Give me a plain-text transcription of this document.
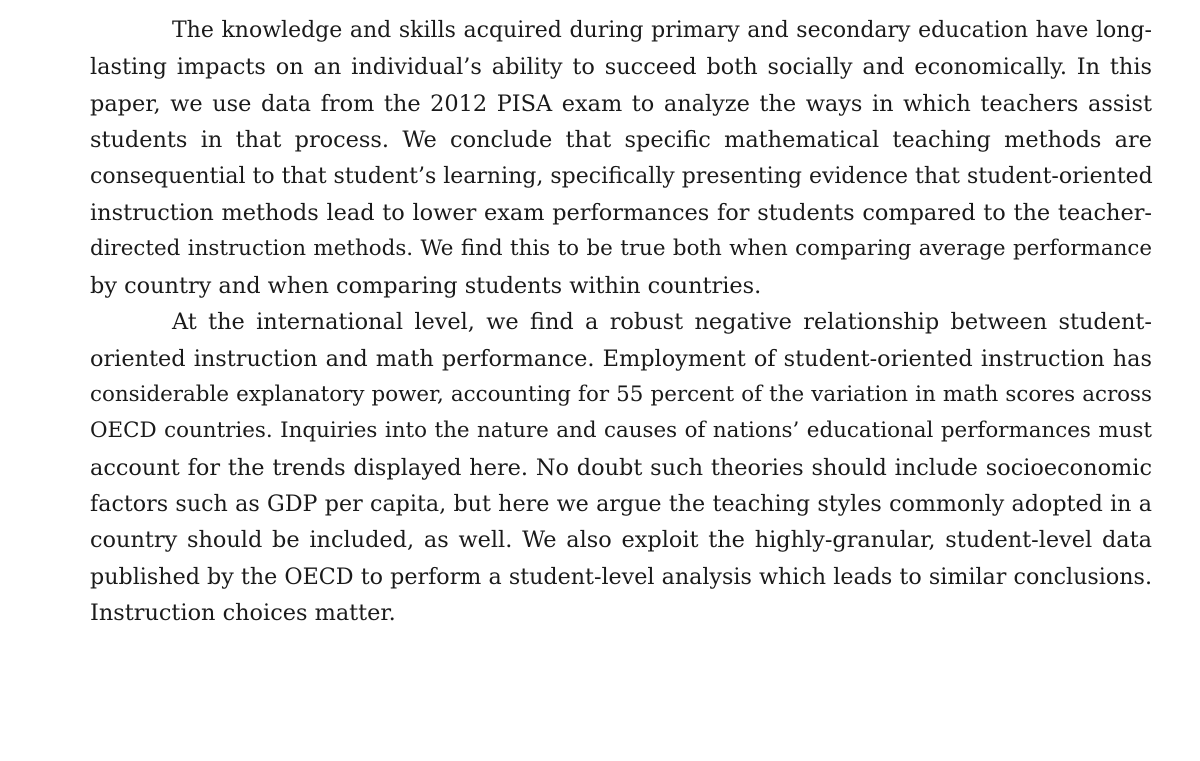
The knowledge and skills acquired during primary and secondary education have long-
lasting impacts on an individual’s ability to succeed both socially and economically. In this
paper, we use data from the 2012 PISA exam to analyze the ways in which teachers assist
students in that process. We conclude that specific mathematical teaching methods are
consequential to that student’s learning, specifically presenting evidence that student-oriented
instruction methods lead to lower exam performances for students compared to the teacher-
directed instruction methods. We find this to be true both when comparing average performance
by country and when comparing students within countries.
At the international level, we find a robust negative relationship between student-
oriented instruction and math performance. Employment of student-oriented instruction has
considerable explanatory power, accounting for 55 percent of the variation in math scores across
OECD countries. Inquiries into the nature and causes of nations’ educational performances must
account for the trends displayed here. No doubt such theories should include socioeconomic
factors such as GDP per capita, but here we argue the teaching styles commonly adopted in a
country should be included, as well. We also exploit the highly-granular, student-level data
published by the OECD to perform a student-level analysis which leads to similar conclusions.
Instruction choices matter.
